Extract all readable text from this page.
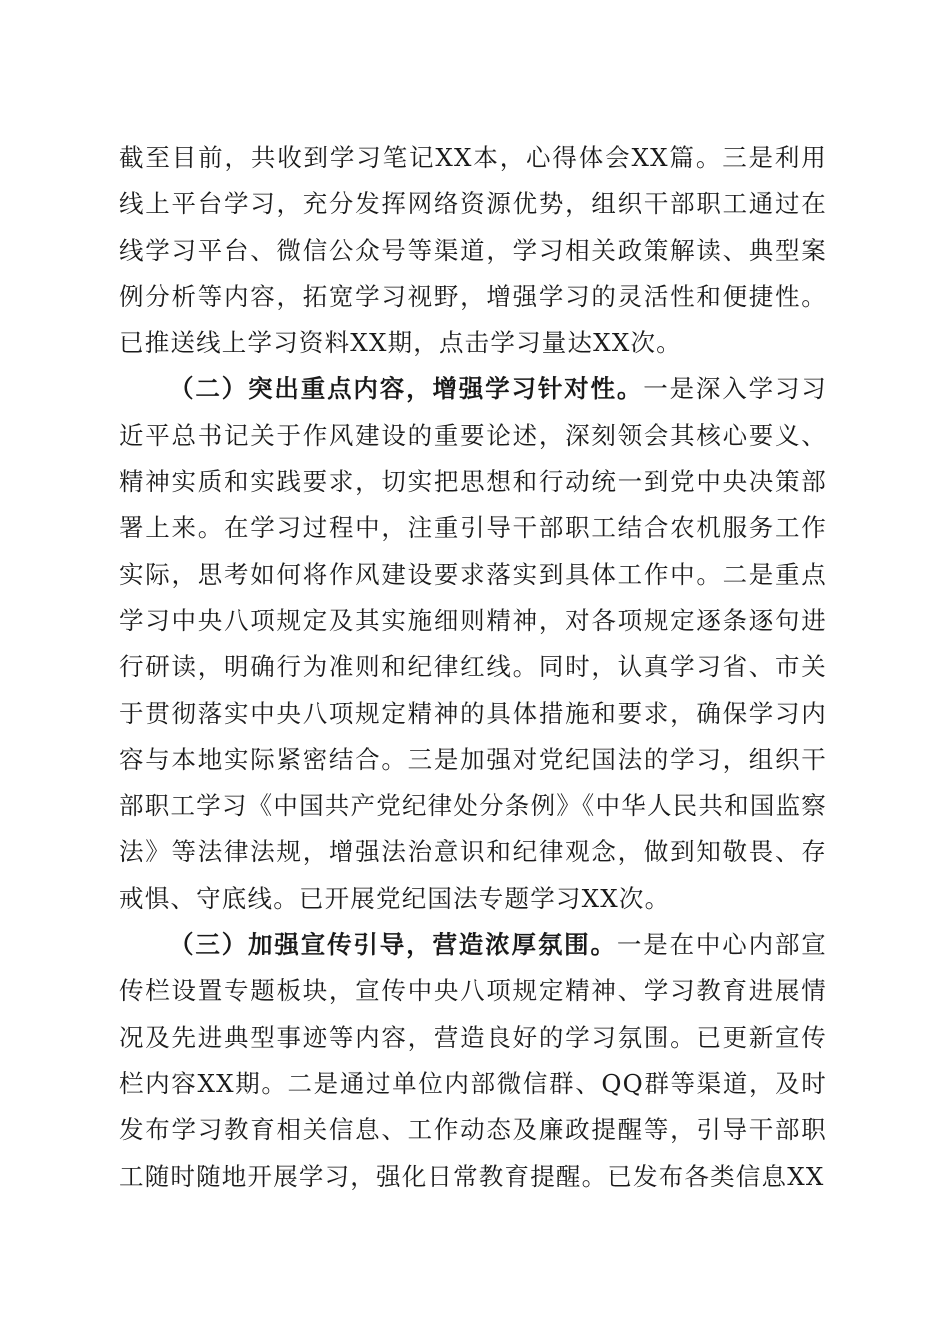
截至目前，共收到学习笔记XX本，心得体会XX篇。三是利用线上平台学习，充分发挥网络资源优势，组织干部职工通过在线学习平台、微信公众号等渠道，学习相关政策解读、典型案例分析等内容，拓宽学习视野，增强学习的灵活性和便捷性。已推送线上学习资料XX期，点击学习量达XX次。

（二）突出重点内容，增强学习针对性。一是深入学习习近平总书记关于作风建设的重要论述，深刻领会其核心要义、精神实质和实践要求，切实把思想和行动统一到党中央决策部署上来。在学习过程中，注重引导干部职工结合农机服务工作实际，思考如何将作风建设要求落实到具体工作中。二是重点学习中央八项规定及其实施细则精神，对各项规定逐条逐句进行研读，明确行为准则和纪律红线。同时，认真学习省、市关于贯彻落实中央八项规定精神的具体措施和要求，确保学习内容与本地实际紧密结合。三是加强对党纪国法的学习，组织干部职工学习《中国共产党纪律处分条例》《中华人民共和国监察法》等法律法规，增强法治意识和纪律观念，做到知敬畏、存戒惧、守底线。已开展党纪国法专题学习XX次。

（三）加强宣传引导，营造浓厚氛围。一是在中心内部宣传栏设置专题板块，宣传中央八项规定精神、学习教育进展情况及先进典型事迹等内容，营造良好的学习氛围。已更新宣传栏内容XX期。二是通过单位内部微信群、QQ群等渠道，及时发布学习教育相关信息、工作动态及廉政提醒等，引导干部职工随时随地开展学习，强化日常教育提醒。已发布各类信息XX
